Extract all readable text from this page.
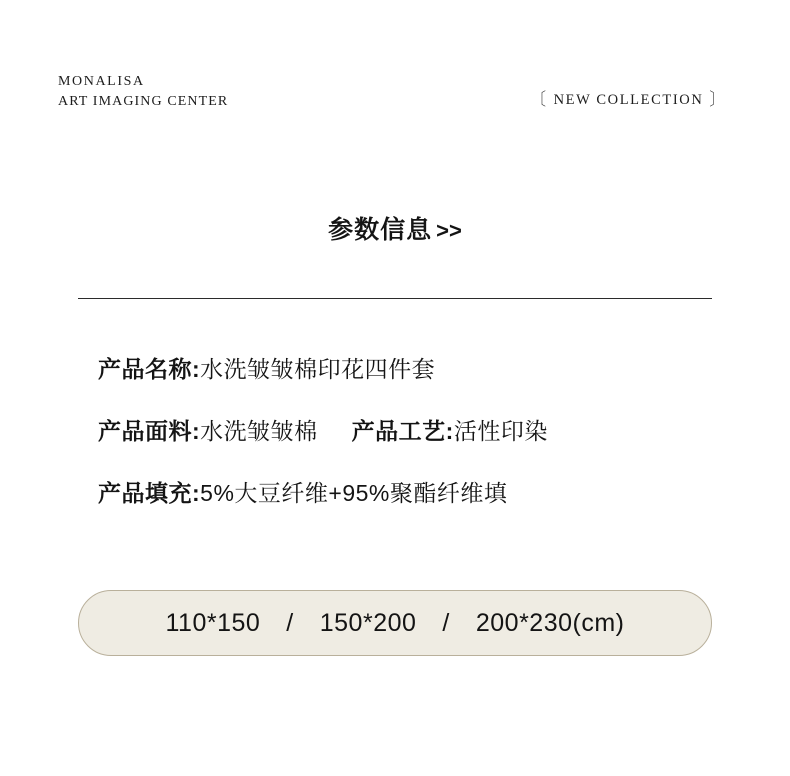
MONALISA
ART IMAGING CENTER	〔 NEW COLLECTION 〕
参数信息 >>
产品名称:水洗皱皱棉印花四件套
产品面料:水洗皱皱棉 产品工艺:活性印染
产品填充:5%大豆纤维+95%聚酯纤维填
110*150	/	150*200	/	200*230(cm)
